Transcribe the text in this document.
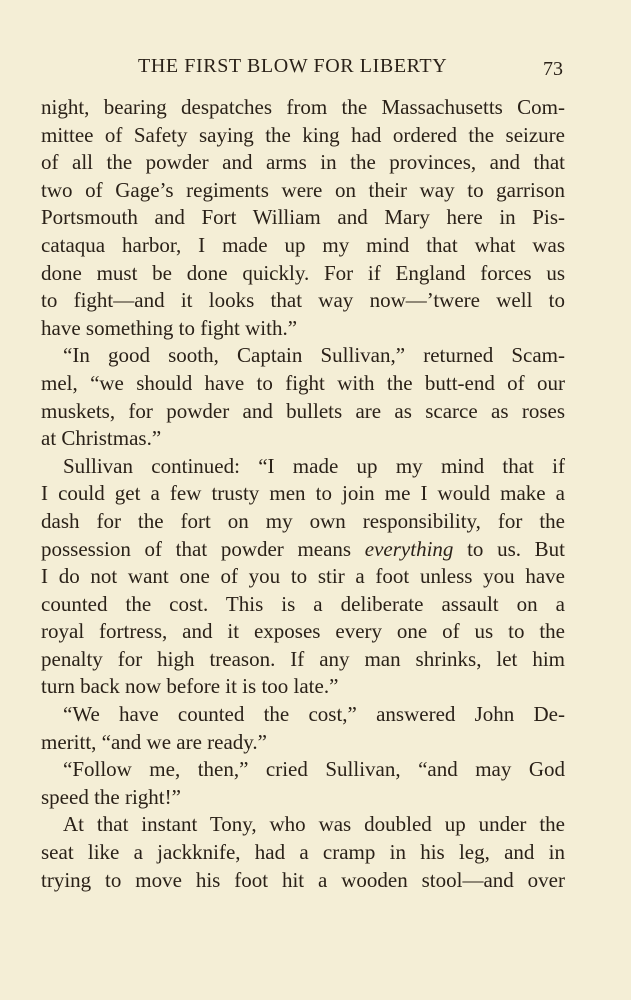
THE FIRST BLOW FOR LIBERTY	73
night, bearing despatches from the Massachusetts Com-
mittee of Safety saying the king had ordered the seizure
of all the powder and arms in the provinces, and that
two of Gage’s regiments were on their way to garrison
Portsmouth and Fort William and Mary here in Pis-
cataqua harbor, I made up my mind that what was
done must be done quickly. For if England forces us
to fight—and it looks that way now—’twere well to
have something to fight with.”
“In good sooth, Captain Sullivan,” returned Scam-
mel, “we should have to fight with the butt-end of our
muskets, for powder and bullets are as scarce as roses
at Christmas.”
Sullivan continued: “I made up my mind that if
I could get a few trusty men to join me I would make a
dash for the fort on my own responsibility, for the
possession of that powder means everything to us. But
I do not want one of you to stir a foot unless you have
counted the cost. This is a deliberate assault on a
royal fortress, and it exposes every one of us to the
penalty for high treason. If any man shrinks, let him
turn back now before it is too late.”
“We have counted the cost,” answered John De-
meritt, “and we are ready.”
“Follow me, then,” cried Sullivan, “and may God
speed the right!”
At that instant Tony, who was doubled up under the
seat like a jackknife, had a cramp in his leg, and in
trying to move his foot hit a wooden stool—and over
